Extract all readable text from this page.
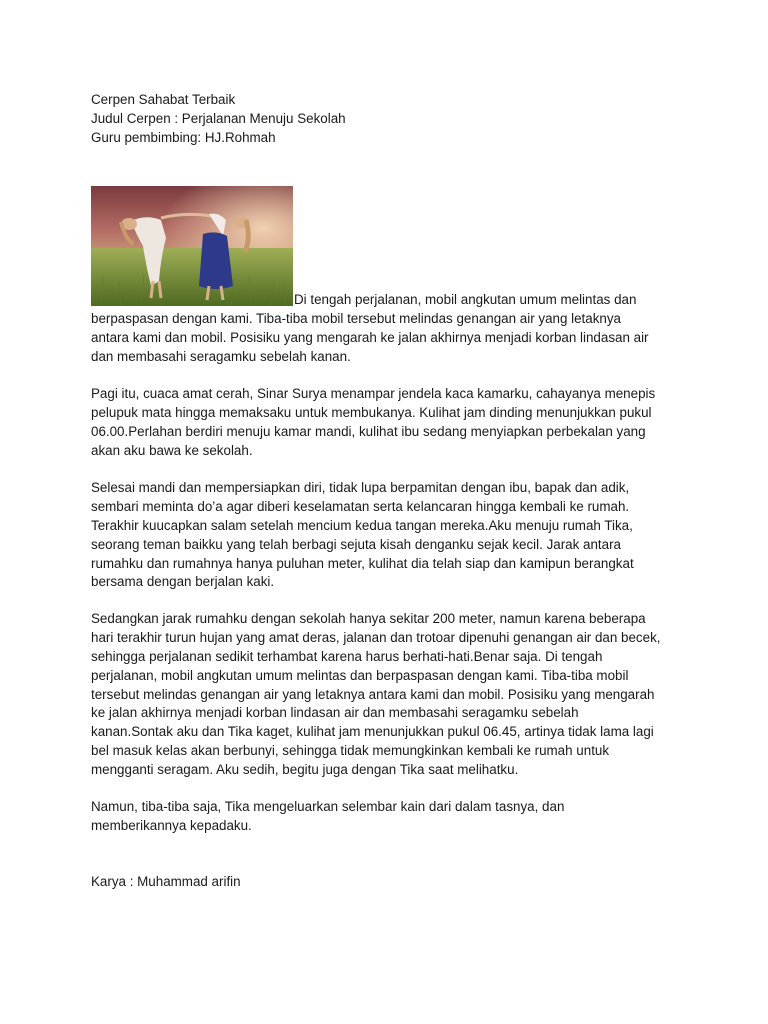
Cerpen Sahabat Terbaik
Judul Cerpen : Perjalanan Menuju Sekolah
Guru pembimbing: HJ.Rohmah
Di tengah perjalanan, mobil angkutan umum melintas dan
berpaspasan dengan kami. Tiba-tiba mobil tersebut melindas genangan air yang letaknya
antara kami dan mobil. Posisiku yang mengarah ke jalan akhirnya menjadi korban lindasan air
dan membasahi seragamku sebelah kanan.
Pagi itu, cuaca amat cerah, Sinar Surya menampar jendela kaca kamarku, cahayanya menepis
pelupuk mata hingga memaksaku untuk membukanya. Kulihat jam dinding menunjukkan pukul
06.00.Perlahan berdiri menuju kamar mandi, kulihat ibu sedang menyiapkan perbekalan yang
akan aku bawa ke sekolah.
Selesai mandi dan mempersiapkan diri, tidak lupa berpamitan dengan ibu, bapak dan adik,
sembari meminta do’a agar diberi keselamatan serta kelancaran hingga kembali ke rumah.
Terakhir kuucapkan salam setelah mencium kedua tangan mereka.Aku menuju rumah Tika,
seorang teman baikku yang telah berbagi sejuta kisah denganku sejak kecil. Jarak antara
rumahku dan rumahnya hanya puluhan meter, kulihat dia telah siap dan kamipun berangkat
bersama dengan berjalan kaki.
Sedangkan jarak rumahku dengan sekolah hanya sekitar 200 meter, namun karena beberapa
hari terakhir turun hujan yang amat deras, jalanan dan trotoar dipenuhi genangan air dan becek,
sehingga perjalanan sedikit terhambat karena harus berhati-hati.Benar saja. Di tengah
perjalanan, mobil angkutan umum melintas dan berpaspasan dengan kami. Tiba-tiba mobil
tersebut melindas genangan air yang letaknya antara kami dan mobil. Posisiku yang mengarah
ke jalan akhirnya menjadi korban lindasan air dan membasahi seragamku sebelah
kanan.Sontak aku dan Tika kaget, kulihat jam menunjukkan pukul 06.45, artinya tidak lama lagi
bel masuk kelas akan berbunyi, sehingga tidak memungkinkan kembali ke rumah untuk
mengganti seragam. Aku sedih, begitu juga dengan Tika saat melihatku.
Namun, tiba-tiba saja, Tika mengeluarkan selembar kain dari dalam tasnya, dan
memberikannya kepadaku.
Karya : Muhammad arifin
